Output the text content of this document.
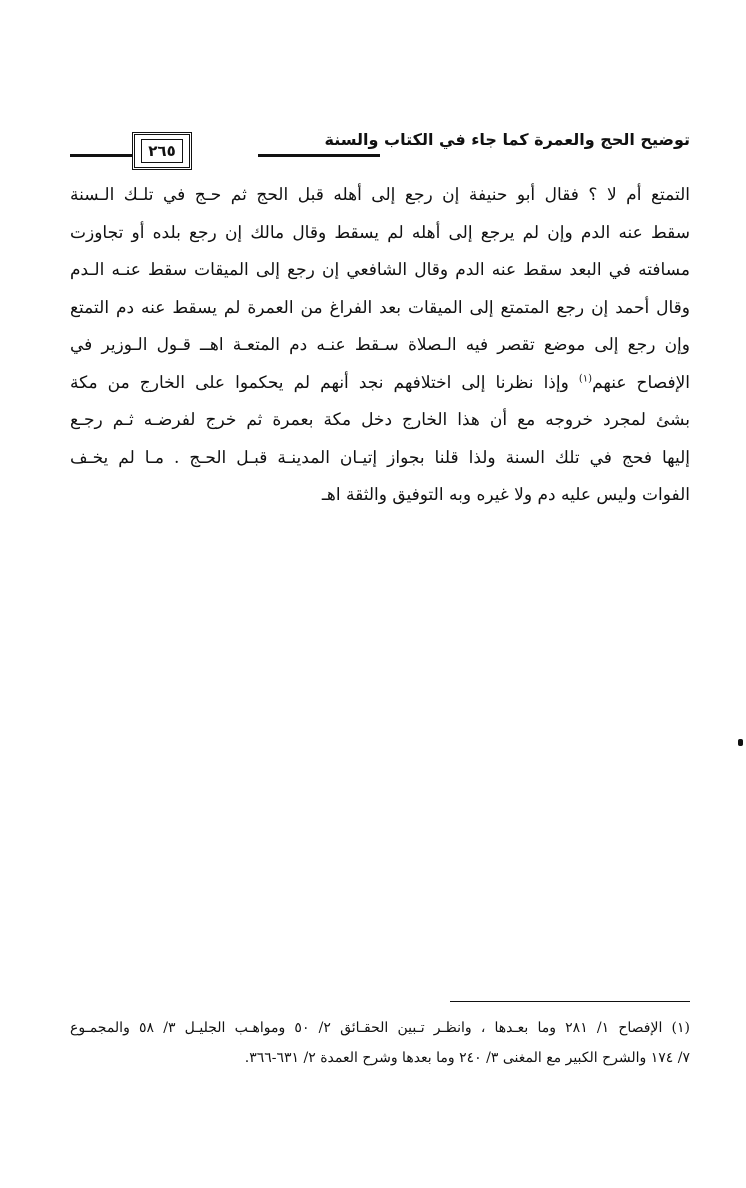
توضيح الحج والعمرة كما جاء في الكتاب والسنة
٢٦٥
التمتع أم لا ؟ فقال أبو حنيفة إن رجع إلى أهله قبل الحج ثم حـج في تلـك الـسنة
سقط عنه الدم وإن لم يرجع إلى أهله لم يسقط وقال مالك إن رجع بلده أو تجاوزت
مسافته في البعد سقط عنه الدم وقال الشافعي إن رجع إلى الميقات سقط عنـه الـدم
وقال أحمد إن رجع المتمتع إلى الميقات بعد الفراغ من العمرة لم يسقط عنه دم التمتع
وإن رجع إلى موضع تقصر فيه الـصلاة سـقط عنـه دم المتعـة اهــ قـول الـوزير في
الإفصاح عنهم$^{(١)}$ وإذا نظرنا إلى اختلافهم نجد أنهم لم يحكموا على الخارج من مكة
بشئ لمجرد خروجه مع أن هذا الخارج دخل مكة بعمرة ثم خرج لفرضـه ثـم رجـع
إليها فحج في تلك السنة ولذا قلنا بجواز إتيـان المدينـة قبـل الحـج . مـا لم يخـف
الفوات وليس عليه دم ولا غيره وبه التوفيق والثقة اهـ
(١) الإفصاح ١/ ٢٨١ وما بعـدها ، وانظـر تـبين الحقـائق ٢/ ٥٠ ومواهـب الجليـل ٣/ ٥٨ والمجمـوع
٧/ ١٧٤ والشرح الكبير مع المغنى ٣/ ٢٤٠ وما بعدها وشرح العمدة ٢/ ٦٣١-٣٦٦.
